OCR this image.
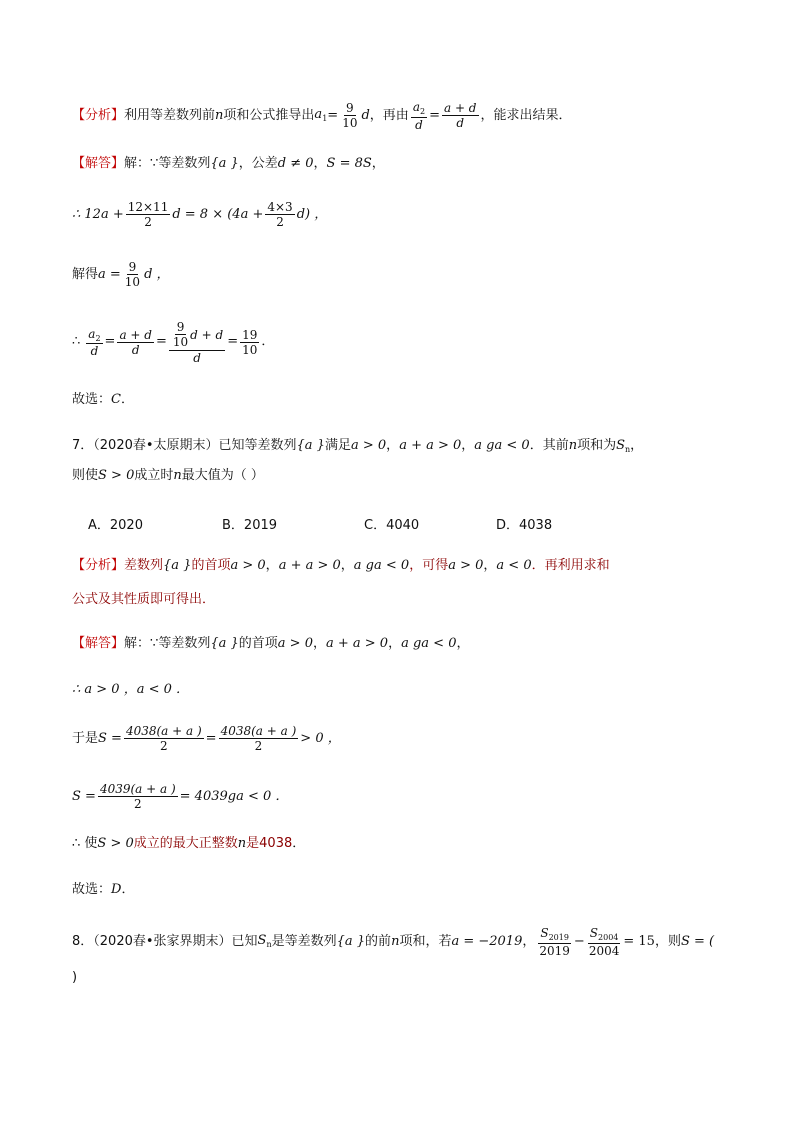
【分析】 利用等差数列前 n 项和公式推导出 $a_1 = \frac{9}{10}$ d ，再由 $\frac{a_2}{d} = \frac{a + d}{d}$ ，能求出结果．
【解答】 解： ∵ 等差数列 {a } ，公差 d ≠ 0 ， S = 8S ，
∴ $12a + \frac{12\times 11}{2}$ $d = 8 \times (4a + \frac{4\times 3}{2} d)$ ，
解得 $a = \frac{9}{10}$ d ，
∴ $\frac{a_2}{d} = \frac{a + d}{d} = \frac{\frac{9}{10} d + d}{d} = \frac{19}{10}$ ．
故选： C ．
7．（2020春•太原期末）已知等差数列 {a } 满足 a > 0 ， a + a > 0 ， a ga < 0 ．其前 n 项和为 $S_n$ ，
则使 S > 0 成立时 n 最大值为（ ）
A．2020	B．2019	C．4040	D．4038
【分析】 差数列 {a } 的首项 a > 0 ， a + a > 0 ， a ga < 0 ，可得 a > 0 ， a < 0 ．再利用求和
公式及其性质即可得出．
【解答】 解： ∵ 等差数列 {a } 的首项 a > 0 ， a + a > 0 ， a ga < 0 ，
∴ a > 0 ，a < 0 ．
于是 $S = \frac{4038(a + a )}{2} = \frac{4038(a + a )}{2} > 0$ ，
$S = \frac{4039(a + a )}{2} = 4039ga < 0$ ．
∴ 使 S > 0 成立的最大正整数 n 是 4038 ．
故选： D ．
8．（2020春•张家界期末）已知 $S_n$ 是等差数列 {a } 的前 n 项和，若 a = −2019 ， $\frac{S_{2019}}{2019} - \frac{S_{2004}}{2004} = 15$ ，则 S = (
)
